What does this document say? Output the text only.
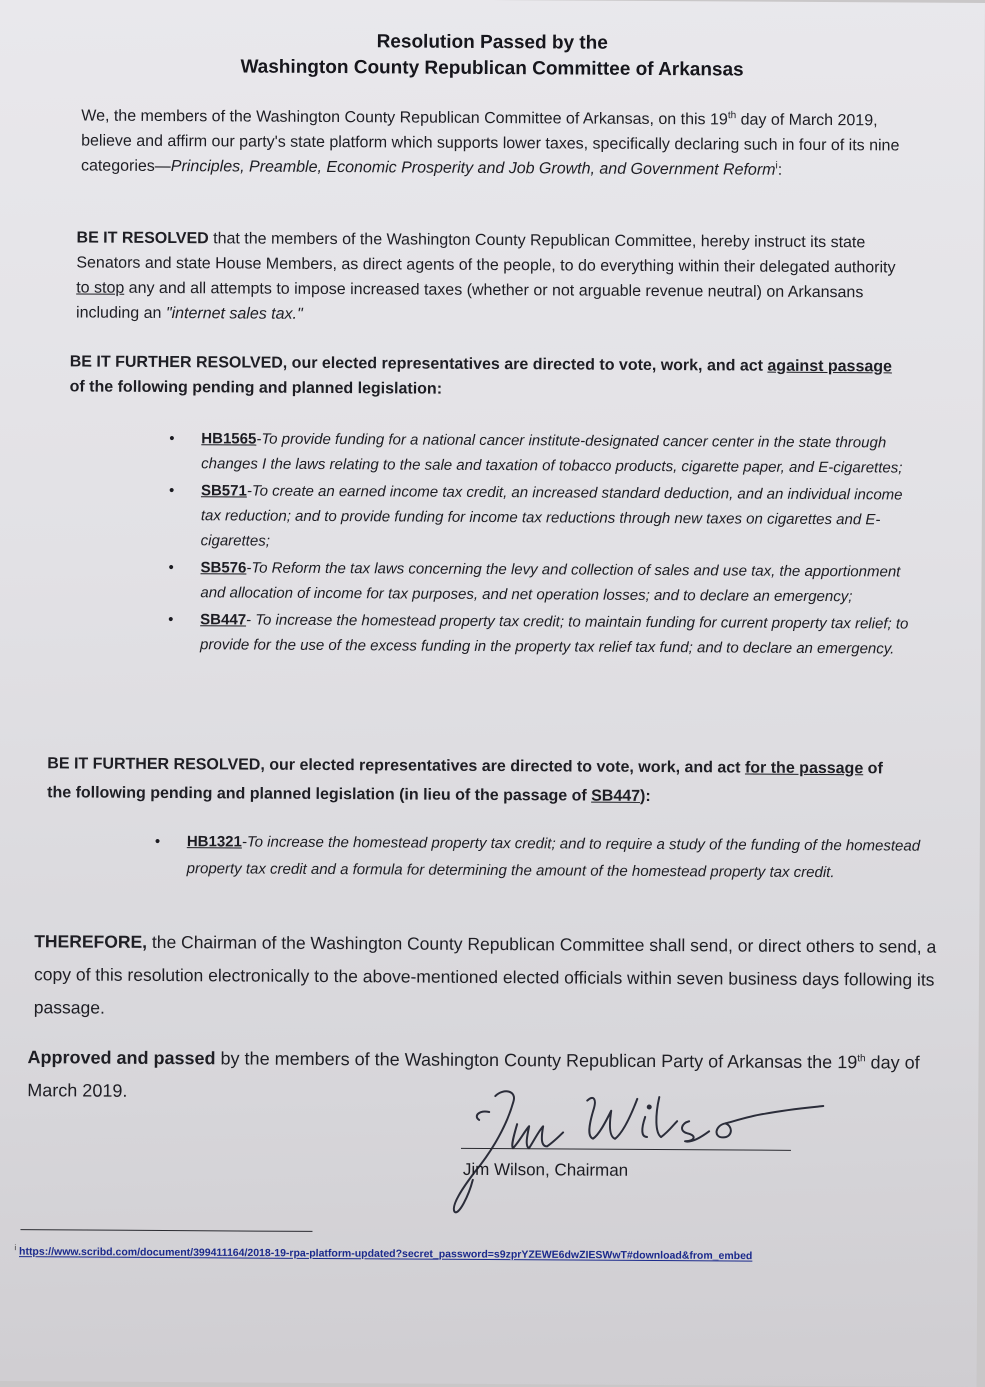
Resolution Passed by the
Washington County Republican Committee of Arkansas
We, the members of the Washington County Republican Committee of Arkansas, on this 19th day of March 2019, believe and affirm our party's state platform which supports lower taxes, specifically declaring such in four of its nine categories—Principles, Preamble, Economic Prosperity and Job Growth, and Government Reform$^i$:
BE IT RESOLVED that the members of the Washington County Republican Committee, hereby instruct its state Senators and state House Members, as direct agents of the people, to do everything within their delegated authority to stop any and all attempts to impose increased taxes (whether or not arguable revenue neutral) on Arkansans including an "internet sales tax."
BE IT FURTHER RESOLVED, our elected representatives are directed to vote, work, and act against passage of the following pending and planned legislation:
• HB1565-To provide funding for a national cancer institute-designated cancer center in the state through changes I the laws relating to the sale and taxation of tobacco products, cigarette paper, and E-cigarettes;
• SB571-To create an earned income tax credit, an increased standard deduction, and an individual income tax reduction; and to provide funding for income tax reductions through new taxes on cigarettes and E-cigarettes;
• SB576-To Reform the tax laws concerning the levy and collection of sales and use tax, the apportionment and allocation of income for tax purposes, and net operation losses; and to declare an emergency;
• SB447- To increase the homestead property tax credit; to maintain funding for current property tax relief; to provide for the use of the excess funding in the property tax relief tax fund; and to declare an emergency.
BE IT FURTHER RESOLVED, our elected representatives are directed to vote, work, and act for the passage of the following pending and planned legislation (in lieu of the passage of SB447):
• HB1321-To increase the homestead property tax credit; and to require a study of the funding of the homestead property tax credit and a formula for determining the amount of the homestead property tax credit.
THEREFORE, the Chairman of the Washington County Republican Committee shall send, or direct others to send, a copy of this resolution electronically to the above-mentioned elected officials within seven business days following its passage.
Approved and passed by the members of the Washington County Republican Party of Arkansas the 19th day of March 2019.
Jim Wilson, Chairman
$^i$ https://www.scribd.com/document/399411164/2018-19-rpa-platform-updated?secret_password=s9zprYZEWE6dwZIESWwT#download&from_embed
